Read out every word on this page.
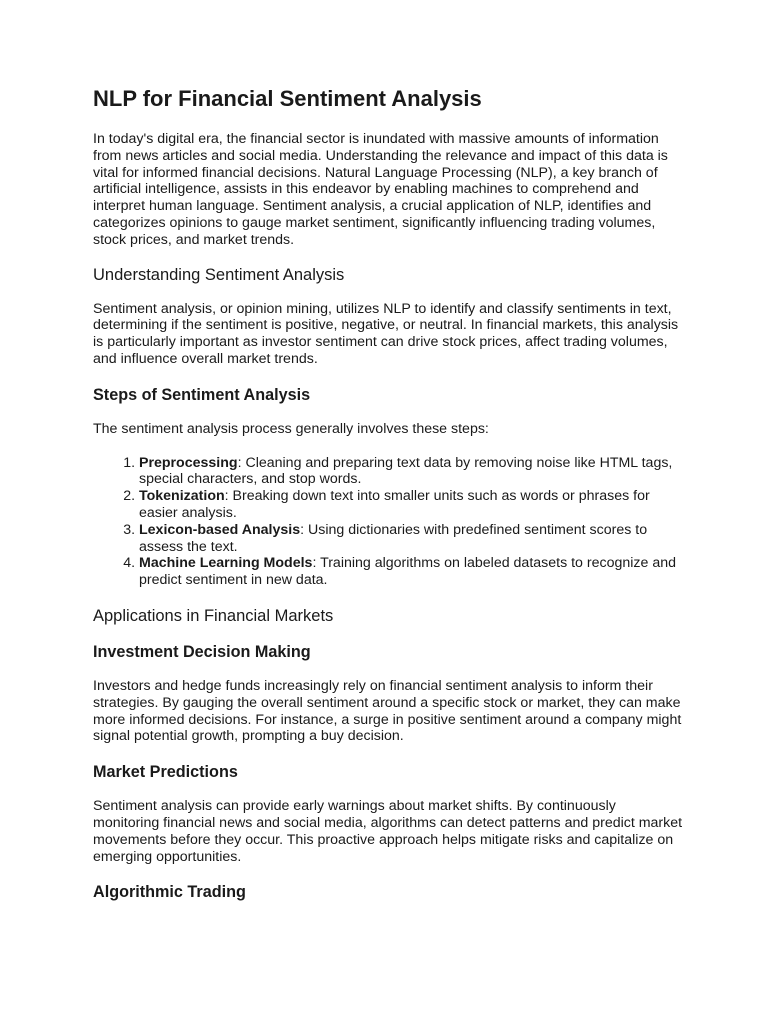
NLP for Financial Sentiment Analysis

In today's digital era, the financial sector is inundated with massive amounts of information from news articles and social media. Understanding the relevance and impact of this data is vital for informed financial decisions. Natural Language Processing (NLP), a key branch of artificial intelligence, assists in this endeavor by enabling machines to comprehend and interpret human language. Sentiment analysis, a crucial application of NLP, identifies and categorizes opinions to gauge market sentiment, significantly influencing trading volumes, stock prices, and market trends.

Understanding Sentiment Analysis

Sentiment analysis, or opinion mining, utilizes NLP to identify and classify sentiments in text, determining if the sentiment is positive, negative, or neutral. In financial markets, this analysis is particularly important as investor sentiment can drive stock prices, affect trading volumes, and influence overall market trends.

Steps of Sentiment Analysis

The sentiment analysis process generally involves these steps:

1. Preprocessing: Cleaning and preparing text data by removing noise like HTML tags, special characters, and stop words.
2. Tokenization: Breaking down text into smaller units such as words or phrases for easier analysis.
3. Lexicon-based Analysis: Using dictionaries with predefined sentiment scores to assess the text.
4. Machine Learning Models: Training algorithms on labeled datasets to recognize and predict sentiment in new data.
Applications in Financial Markets
Investment Decision Making

Investors and hedge funds increasingly rely on financial sentiment analysis to inform their strategies. By gauging the overall sentiment around a specific stock or market, they can make more informed decisions. For instance, a surge in positive sentiment around a company might signal potential growth, prompting a buy decision.

Market Predictions

Sentiment analysis can provide early warnings about market shifts. By continuously monitoring financial news and social media, algorithms can detect patterns and predict market movements before they occur. This proactive approach helps mitigate risks and capitalize on emerging opportunities.

Algorithmic Trading
